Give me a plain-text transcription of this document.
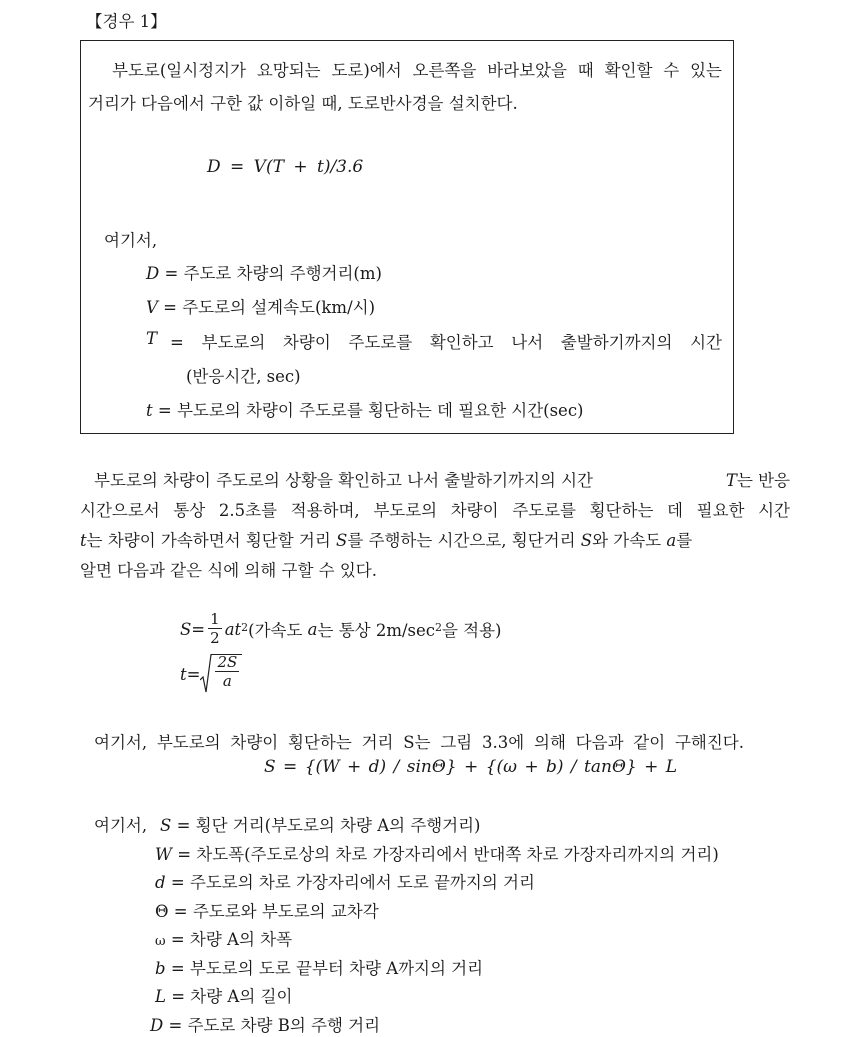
【경우 1】
부도로(일시정지가 요망되는 도로)에서 오른쪽을 바라보았을 때 확인할 수 있는
거리가 다음에서 구한 값 이하일 때, 도로반사경을 설치한다.
D = V(T + t)/3.6
여기서,
D = 주도로 차량의 주행거리(m)
V = 주도로의 설계속도(km/시)
T = 부도로의 차량이 주도로를 확인하고 나서 출발하기까지의 시간
(반응시간, sec)
t = 부도로의 차량이 주도로를 횡단하는 데 필요한 시간(sec)
부도로의 차량이 주도로의 상황을 확인하고 나서 출발하기까지의 시간	T는 반응
시간으로서 통상 2.5초를 적용하며, 부도로의 차량이 주도로를 횡단하는 데 필요한 시간
t는 차량이 가속하면서 횡단할 거리 S를 주행하는 시간으로, 횡단거리 S와 가속도 a를
알면 다음과 같은 식에 의해 구할 수 있다.
$S= \frac{1}{2} at^2$ (가속도
a 는 통상 $2m/\sec^2$ 을 적용)
$t= \frac{2S}{a}$
여기서, 부도로의 차량이 횡단하는 거리 S는 그림 3.3에 의해 다음과 같이 구해진다.
S = {(W + d) / sinΘ} + {(ω + b) / tanΘ} + L
여기서, S = 횡단 거리(부도로의 차량 A의 주행거리)
W = 차도폭(주도로상의 차로 가장자리에서 반대쪽 차로 가장자리까지의 거리)
d = 주도로의 차로 가장자리에서 도로 끝까지의 거리
Θ = 주도로와 부도로의 교차각
ω = 차량 A의 차폭
b = 부도로의 도로 끝부터 차량 A까지의 거리
L = 차량 A의 길이
D = 주도로 차량 B의 주행 거리
